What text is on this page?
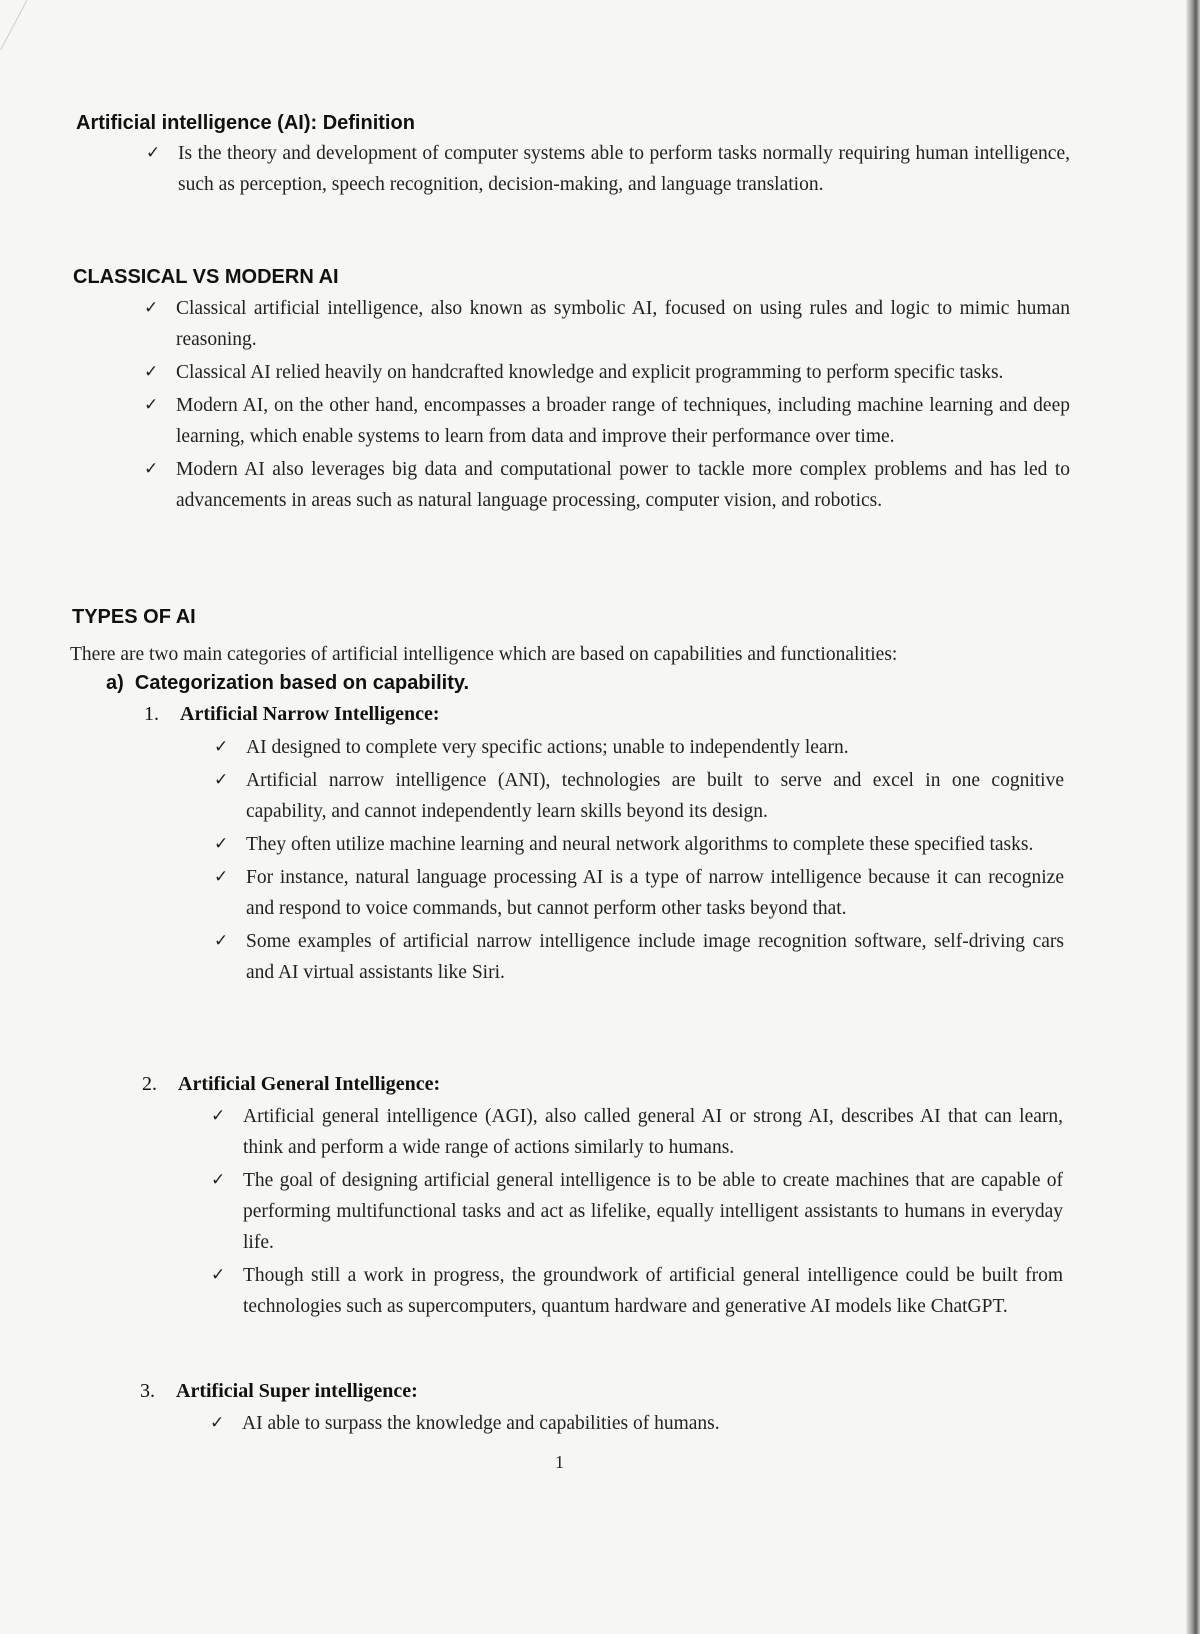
Artificial intelligence (AI): Definition
✓ Is the theory and development of computer systems able to perform tasks normally requiring human intelligence, such as perception, speech recognition, decision-making, and language translation.
CLASSICAL VS MODERN AI
✓ Classical artificial intelligence, also known as symbolic AI, focused on using rules and logic to mimic human reasoning.
✓ Classical AI relied heavily on handcrafted knowledge and explicit programming to perform specific tasks.
✓ Modern AI, on the other hand, encompasses a broader range of techniques, including machine learning and deep learning, which enable systems to learn from data and improve their performance over time.
✓ Modern AI also leverages big data and computational power to tackle more complex problems and has led to advancements in areas such as natural language processing, computer vision, and robotics.
TYPES OF AI
There are two main categories of artificial intelligence which are based on capabilities and functionalities:
a) Categorization based on capability.
1. Artificial Narrow Intelligence:
✓ AI designed to complete very specific actions; unable to independently learn.
✓ Artificial narrow intelligence (ANI), technologies are built to serve and excel in one cognitive capability, and cannot independently learn skills beyond its design.
✓ They often utilize machine learning and neural network algorithms to complete these specified tasks.
✓ For instance, natural language processing AI is a type of narrow intelligence because it can recognize and respond to voice commands, but cannot perform other tasks beyond that.
✓ Some examples of artificial narrow intelligence include image recognition software, self-driving cars and AI virtual assistants like Siri.
2. Artificial General Intelligence:
✓ Artificial general intelligence (AGI), also called general AI or strong AI, describes AI that can learn, think and perform a wide range of actions similarly to humans.
✓ The goal of designing artificial general intelligence is to be able to create machines that are capable of performing multifunctional tasks and act as lifelike, equally intelligent assistants to humans in everyday life.
✓ Though still a work in progress, the groundwork of artificial general intelligence could be built from technologies such as supercomputers, quantum hardware and generative AI models like ChatGPT.
3. Artificial Super intelligence:
✓ AI able to surpass the knowledge and capabilities of humans.
1
